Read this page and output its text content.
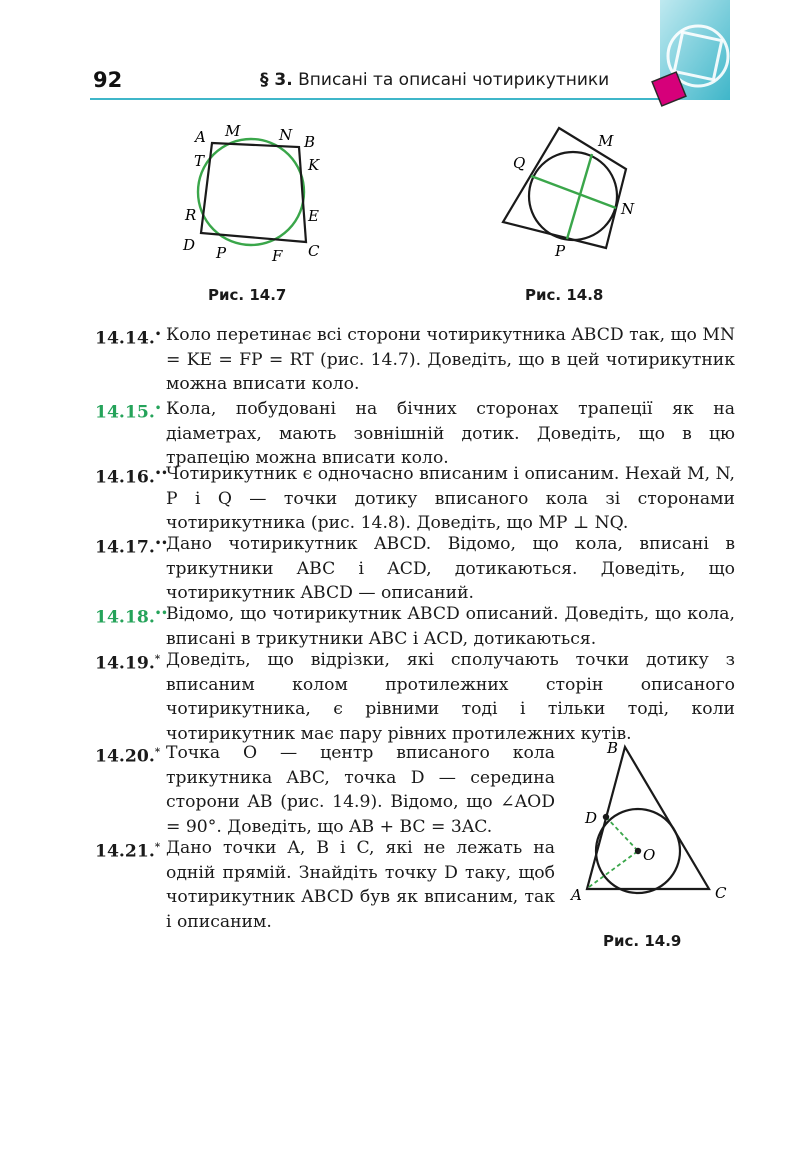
92	§ 3. Вписані та описані чотирикутники
A M	N B
T	K
R	E
D P	F C
Рис. 14.7
Q
M
N
P
Рис. 14.8
14.14.• Коло перетинає всі сторони чотирикутника ABCD так, що MN = KE = FP = RT (рис. 14.7). Доведіть, що в цей чотирикутник можна вписати коло.
14.15.• Кола, побудовані на бічних сторонах трапеції як на діаметрах, мають зовнішній дотик. Доведіть, що в цю трапецію можна вписати коло.
14.16.••
Чотирикутник є одночасно вписаним і описаним. Нехай M, N, P і Q — точки дотику вписаного кола зі сторонами чотирикутника (рис. 14.8). Доведіть, що MP ⊥ NQ.
14.17.••
Дано чотирикутник ABCD. Відомо, що кола, вписані в трикутники ABC і ACD, дотикаються. Доведіть, що чотирикутник ABCD — описаний.
14.18.••
Відомо, що чотирикутник ABCD описаний. Доведіть, що кола, вписані в трикутники ABC і ACD, дотикаються.
14.19.* Доведіть, що відрізки, які сполучають точки дотику з вписаним колом протилежних сторін описаного чотирикутника, є рівними тоді і тільки тоді, коли чотирикутник має пару рівних протилежних кутів.
14.20.* Точка O — центр вписаного кола трикутника ABC, точка D — середина сторони AB (рис. 14.9). Відомо, що ∠AOD = 90°. Доведіть, що AB + BC = 3AC.
14.21.* Дано точки A, B і C, які не лежать на одній прямій. Знайдіть точку D таку, щоб чотирикутник ABCD був як вписаним, так і описаним.
B
D
O
A	C
Рис. 14.9
